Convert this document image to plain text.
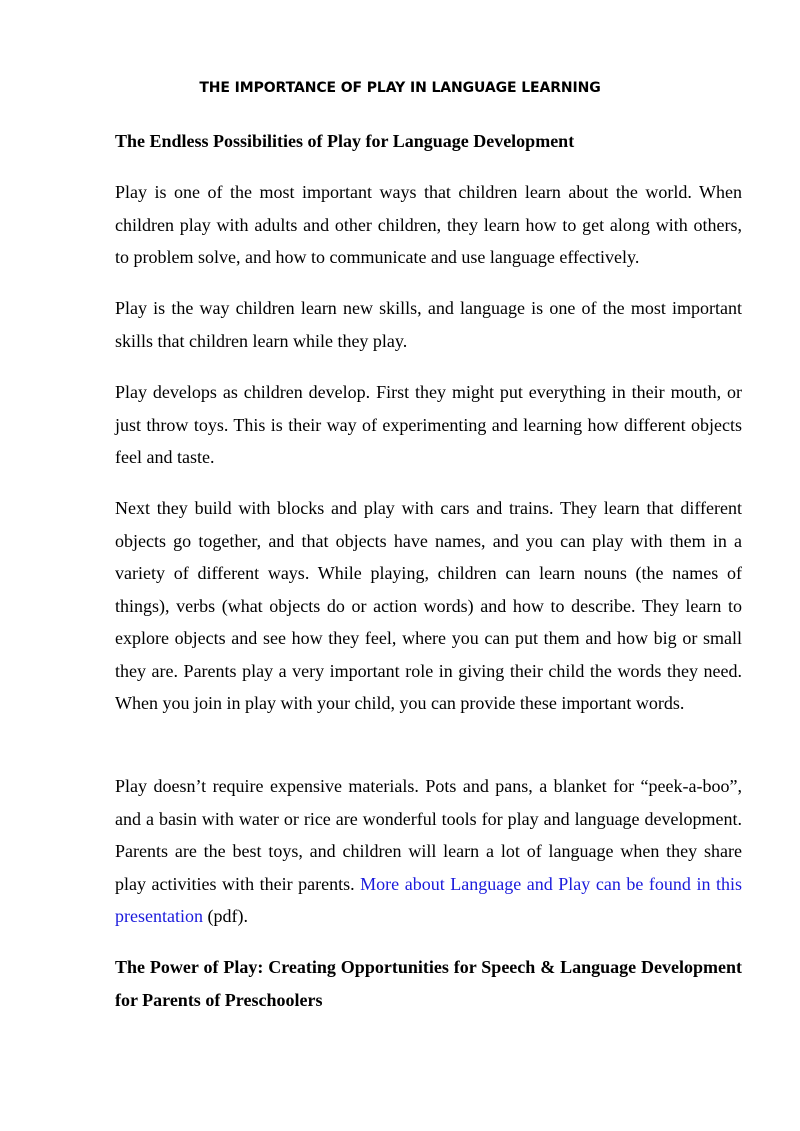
THE IMPORTANCE OF PLAY IN LANGUAGE LEARNING

The Endless Possibilities of Play for Language Development

Play is one of the most important ways that children learn about the world. When children play with adults and other children, they learn how to get along with others, to problem solve, and how to communicate and use language effectively.

Play is the way children learn new skills, and language is one of the most important skills that children learn while they play.

Play develops as children develop. First they might put everything in their mouth, or just throw toys. This is their way of experimenting and learning how different objects feel and taste.

Next they build with blocks and play with cars and trains. They learn that different objects go together, and that objects have names, and you can play with them in a variety of different ways. While playing, children can learn nouns (the names of things), verbs (what objects do or action words) and how to describe. They learn to explore objects and see how they feel, where you can put them and how big or small they are. Parents play a very important role in giving their child the words they need. When you join in play with your child, you can provide these important words.

Play doesn’t require expensive materials. Pots and pans, a blanket for “peek-a-boo”, and a basin with water or rice are wonderful tools for play and language development. Parents are the best toys, and children will learn a lot of language when they share play activities with their parents. More about Language and Play can be found in this presentation (pdf).

The Power of Play: Creating Opportunities for Speech & Language Development for Parents of Preschoolers
